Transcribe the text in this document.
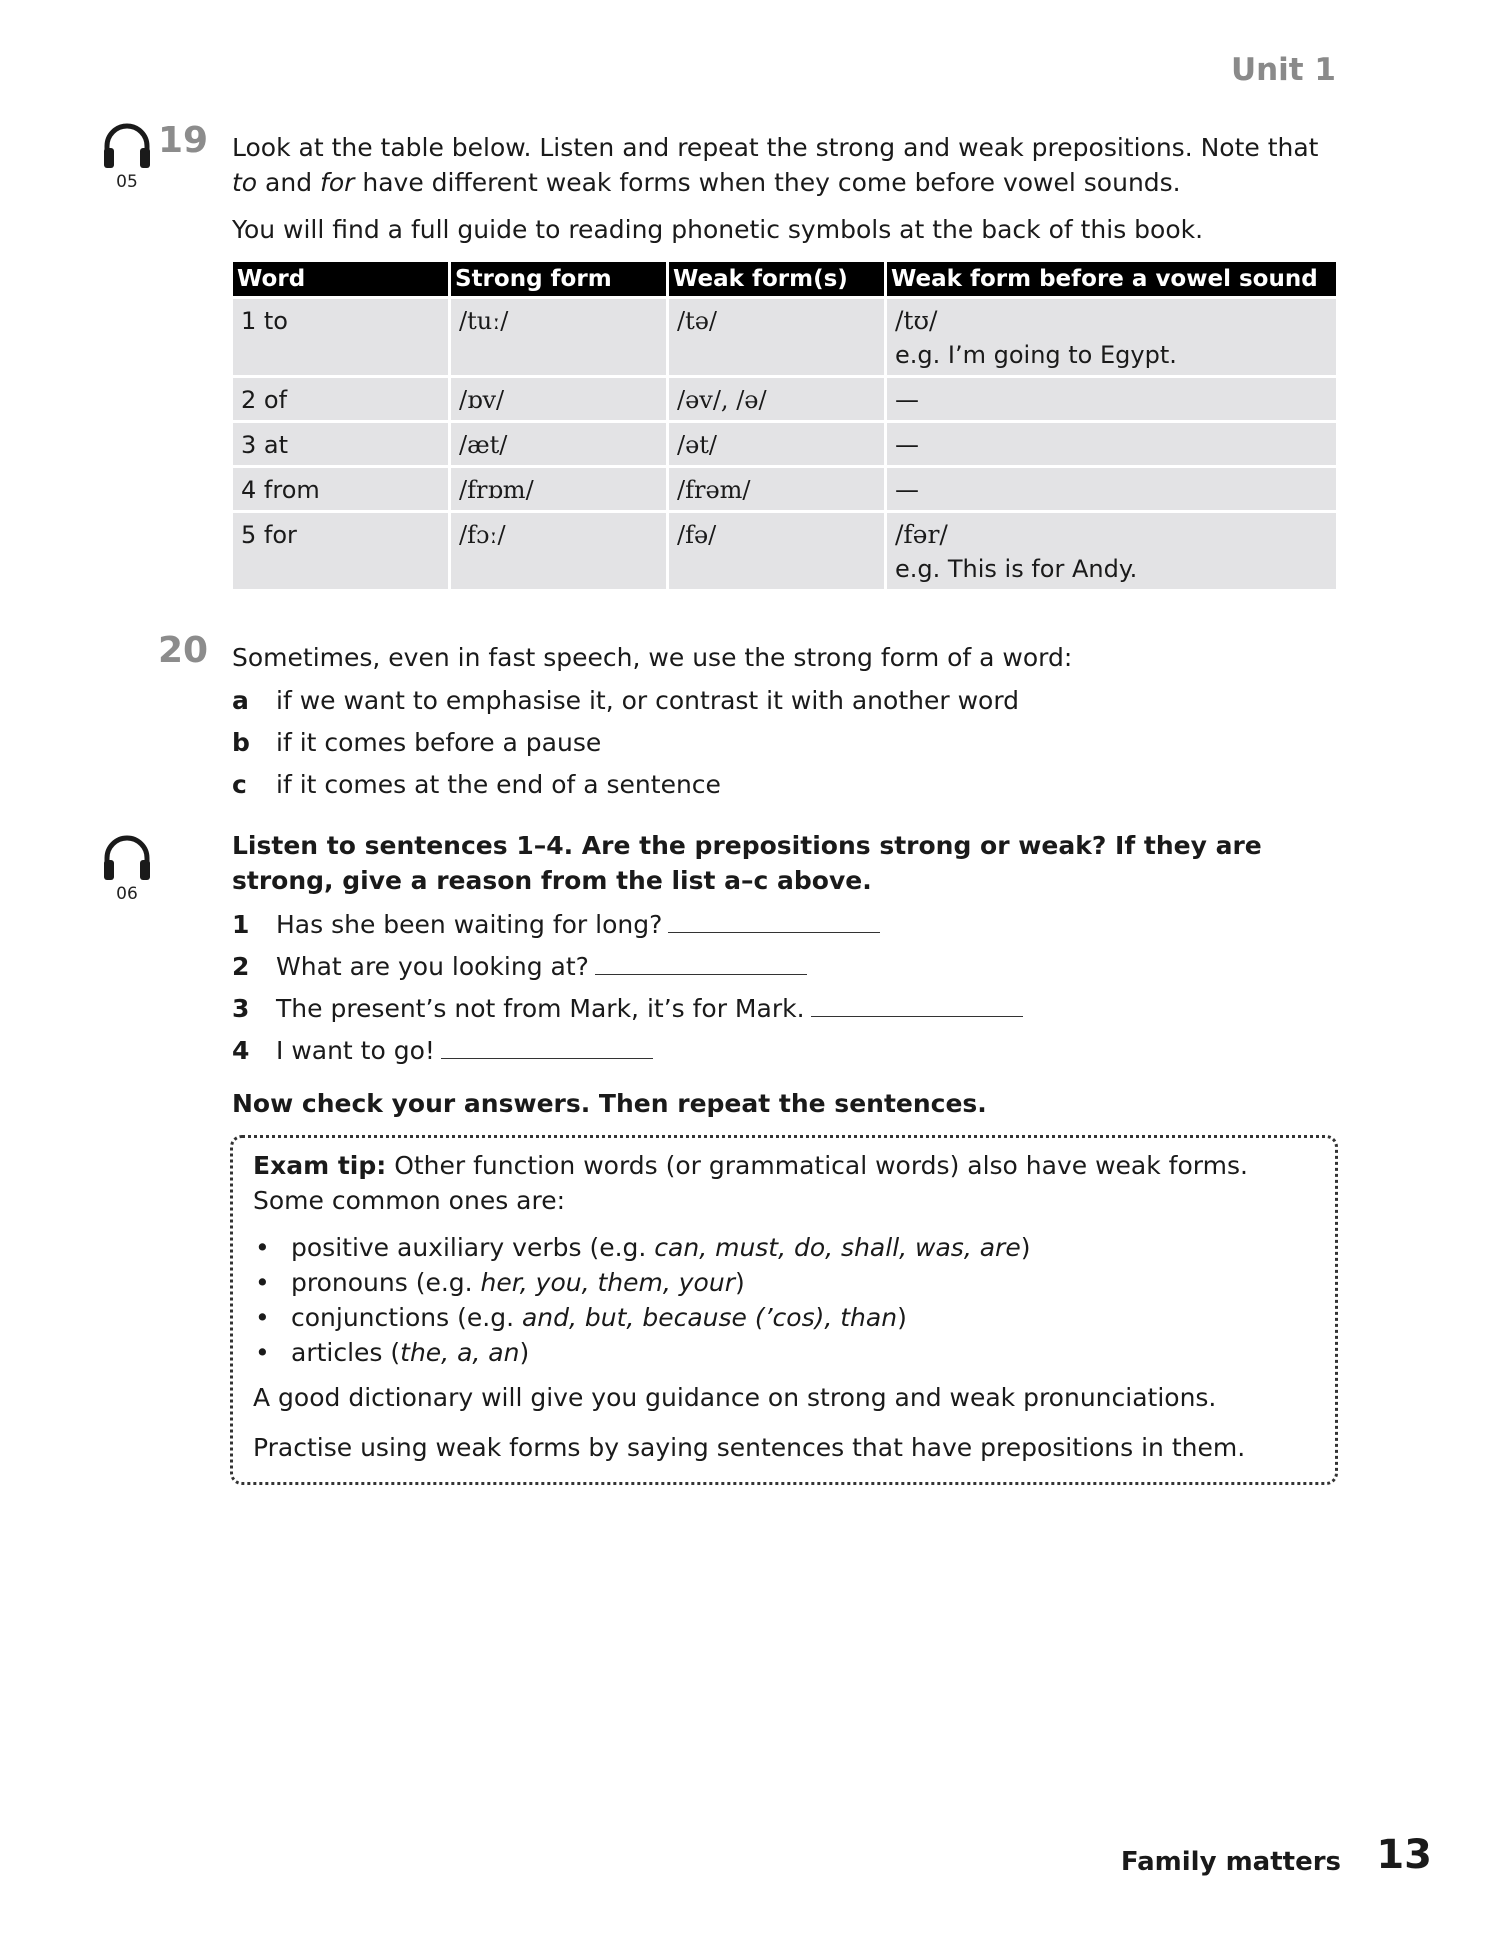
Unit 1
05
19 Look at the table below. Listen and repeat the strong and weak prepositions. Note that to and for have different weak forms when they come before vowel sounds.
You will find a full guide to reading phonetic symbols at the back of this book.
Word	Strong form	Weak form(s)	Weak form before a vowel sound
1 to	/tuː/	/tə/	/tʊ/
e.g. I’m going to Egypt.
2 of	/ɒv/	/əv/, /ə/	—
3 at	/æt/	/ət/	—
4 from	/frɒm/	/frəm/	—
5 for	/fɔː/	/fə/	/fər/
e.g. This is for Andy.
20 Sometimes, even in fast speech, we use the strong form of a word:
a if we want to emphasise it, or contrast it with another word
b if it comes before a pause
c if it comes at the end of a sentence
06
Listen to sentences 1–4. Are the prepositions strong or weak? If they are strong, give a reason from the list a–c above.
1 Has she been waiting for long?
2 What are you looking at?
3 The present’s not from Mark, it’s for Mark.
4 I want to go!
Now check your answers. Then repeat the sentences.

Exam tip: Other function words (or grammatical words) also have weak forms. Some common ones are:

• positive auxiliary verbs (e.g. can, must, do, shall, was, are)
• pronouns (e.g. her, you, them, your)
• conjunctions (e.g. and, but, because (’cos), than)
• articles (the, a, an)

A good dictionary will give you guidance on strong and weak pronunciations.

Practise using weak forms by saying sentences that have prepositions in them.

Family matters 13
